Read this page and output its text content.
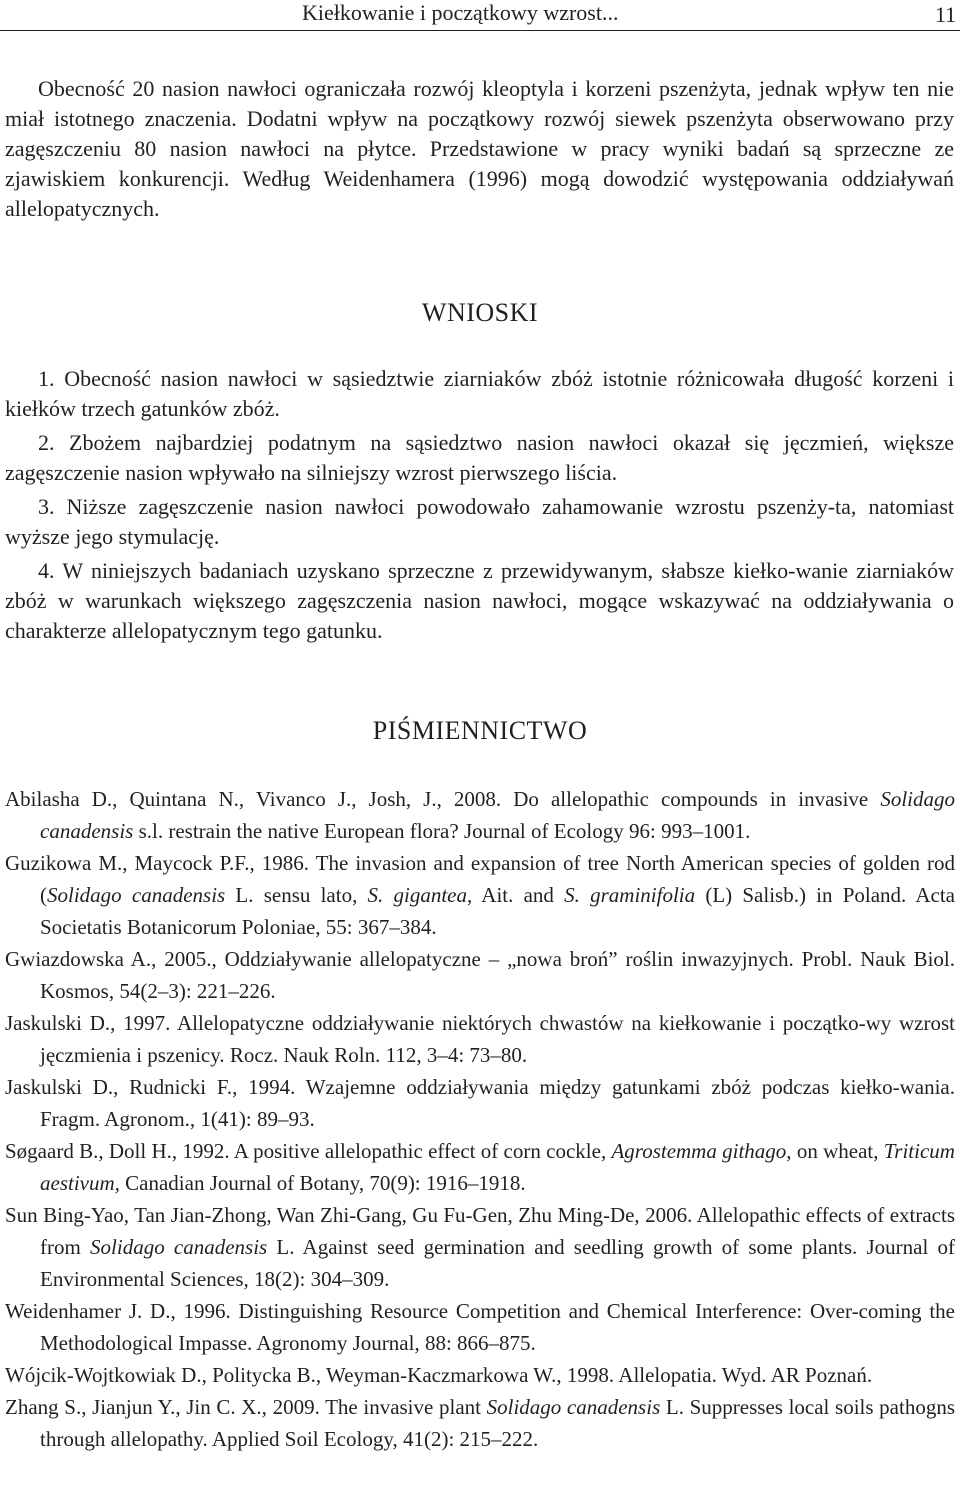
Kiełkowanie i początkowy wzrost...	11

Obecność 20 nasion nawłoci ograniczała rozwój kleoptyla i korzeni pszenżyta, jednak wpływ ten nie miał istotnego znaczenia. Dodatni wpływ na początkowy rozwój siewek pszenżyta obserwowano przy zagęszczeniu 80 nasion nawłoci na płytce. Przedstawione w pracy wyniki badań są sprzeczne ze zjawiskiem konkurencji. Według Weidenhamera (1996) mogą dowodzić występowania oddziaływań allelopatycznych.

WNIOSKI

1. Obecność nasion nawłoci w sąsiedztwie ziarniaków zbóż istotnie różnicowała długość korzeni i kiełków trzech gatunków zbóż.

2. Zbożem najbardziej podatnym na sąsiedztwo nasion nawłoci okazał się jęczmień, większe zagęszczenie nasion wpływało na silniejszy wzrost pierwszego liścia.

3. Niższe zagęszczenie nasion nawłoci powodowało zahamowanie wzrostu pszenży-ta, natomiast wyższe jego stymulację.

4. W niniejszych badaniach uzyskano sprzeczne z przewidywanym, słabsze kiełko-wanie ziarniaków zbóż w warunkach większego zagęszczenia nasion nawłoci, mogące wskazywać na oddziaływania o charakterze allelopatycznym tego gatunku.

PIŚMIENNICTWO
Abilasha D., Quintana N., Vivanco J., Josh, J., 2008. Do allelopathic compounds in invasive Solidago canadensis s.l. restrain the native European flora? Journal of Ecology 96: 993–1001.
Guzikowa M., Maycock P.F., 1986. The invasion and expansion of tree North American species of golden rod (Solidago canadensis L. sensu lato, S. gigantea, Ait. and S. graminifolia (L) Salisb.) in Poland. Acta Societatis Botanicorum Poloniae, 55: 367–384.
Gwiazdowska A., 2005., Oddziaływanie allelopatyczne – „nowa broń” roślin inwazyjnych. Probl. Nauk Biol. Kosmos, 54(2–3): 221–226.
Jaskulski D., 1997. Allelopatyczne oddziaływanie niektórych chwastów na kiełkowanie i początko-wy wzrost jęczmienia i pszenicy. Rocz. Nauk Roln. 112, 3–4: 73–80.
Jaskulski D., Rudnicki F., 1994. Wzajemne oddziaływania między gatunkami zbóż podczas kiełko-wania. Fragm. Agronom., 1(41): 89–93.
Søgaard B., Doll H., 1992. A positive allelopathic effect of corn cockle, Agrostemma githago, on wheat, Triticum aestivum, Canadian Journal of Botany, 70(9): 1916–1918.
Sun Bing-Yao, Tan Jian-Zhong, Wan Zhi-Gang, Gu Fu-Gen, Zhu Ming-De, 2006. Allelopathic effects of extracts from Solidago canadensis L. Against seed germination and seedling growth of some plants. Journal of Environmental Sciences, 18(2): 304–309.
Weidenhamer J. D., 1996. Distinguishing Resource Competition and Chemical Interference: Over-coming the Methodological Impasse. Agronomy Journal, 88: 866–875.
Wójcik-Wojtkowiak D., Politycka B., Weyman-Kaczmarkowa W., 1998. Allelopatia. Wyd. AR Poznań.
Zhang S., Jianjun Y., Jin C. X., 2009. The invasive plant Solidago canadensis L. Suppresses local soils pathogns through allelopathy. Applied Soil Ecology, 41(2): 215–222.
